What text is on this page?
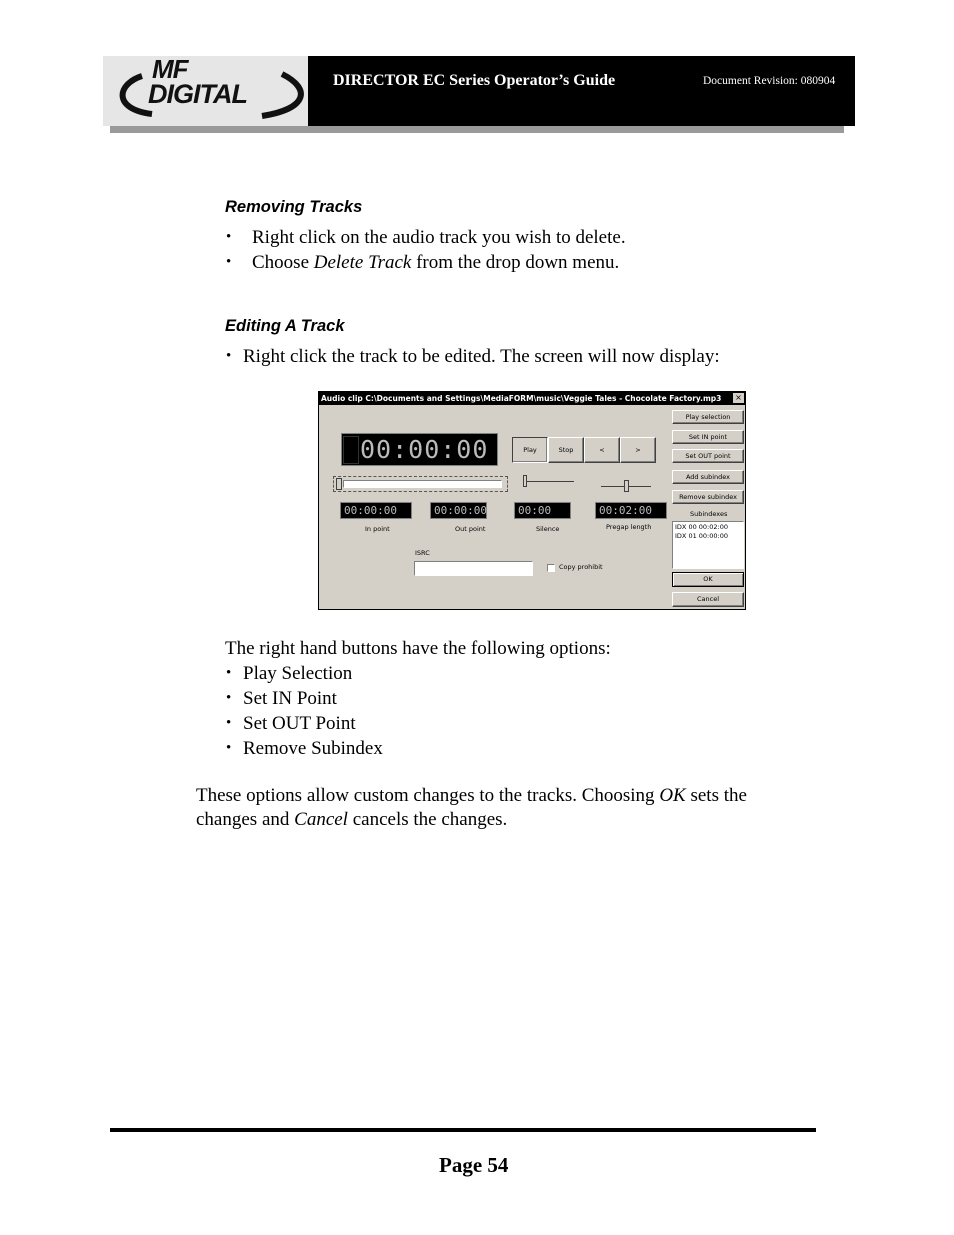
MF
DIGITAL	DIRECTOR EC Series Operator’s Guide	Document Revision: 080904
Removing Tracks
• Right click on the audio track you wish to delete.
• Choose Delete Track from the drop down menu.
Editing A Track
• Right click the track to be edited. The screen will now display:
Audio clip C:\Documents and Settings\MediaFORM\music\Veggie Tales - Chocolate Factory.mp3	×
00:00:00	Play	Stop	<	>
00:00:00
In point
00:00:00
Out point
00:00
Silence
00:02:00
Pregap length
ISRC
Copy prohibit
Play selection
Set IN point
Set OUT point
Add subindex
Remove subindex
Subindexes
IDX 00 00:02:00
IDX 01 00:00:00
OK
Cancel
The right hand buttons have the following options:
• Play Selection
• Set IN Point
• Set OUT Point
• Remove Subindex
These options allow custom changes to the tracks. Choosing OK sets the
changes and Cancel cancels the changes.
Page 54
